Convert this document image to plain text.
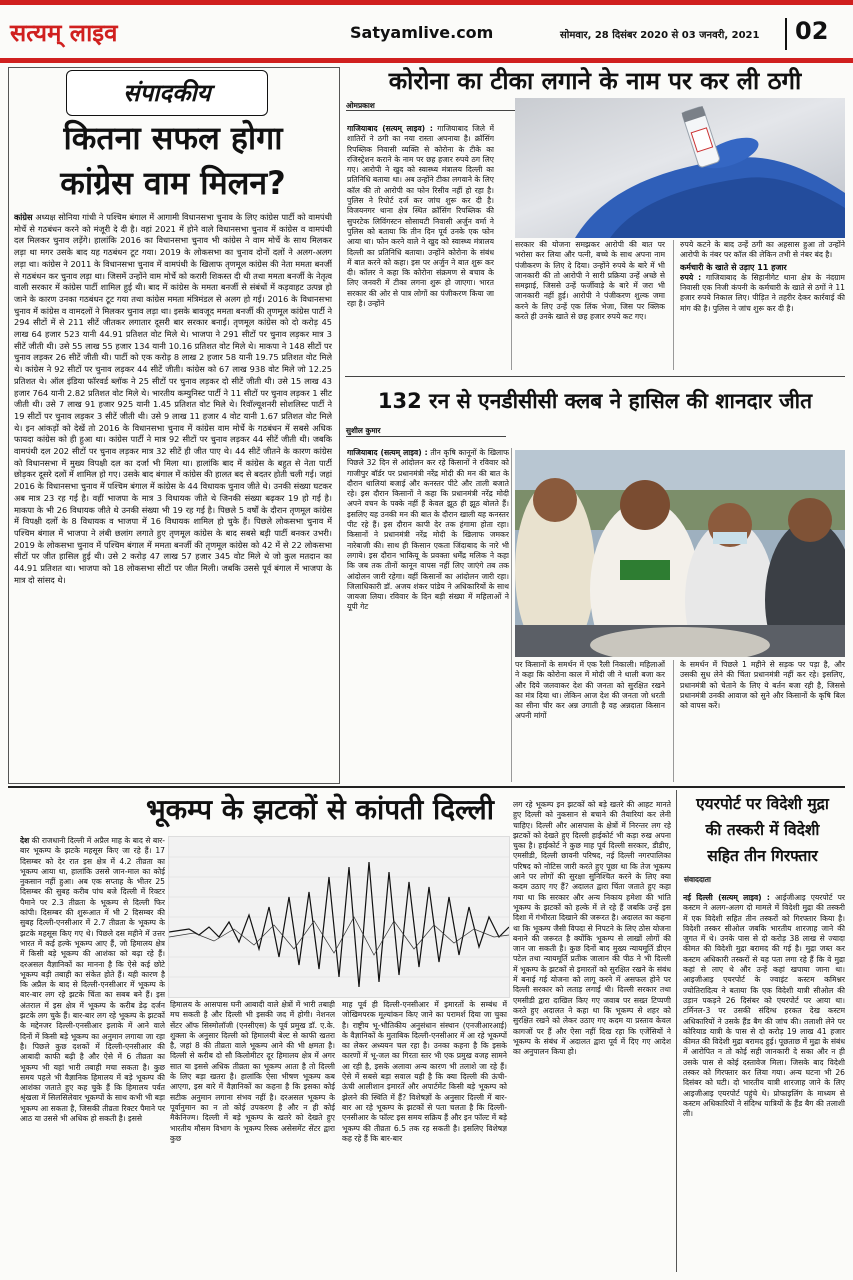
सत्यम् लाइव	Satyamlive.com	सोमवार, 28 दिसंबर 2020 से 03 जनवरी, 2021 02
संपादकीय
कितना सफल होगा
कांग्रेस वाम मिलन?
कांग्रेस अध्यक्ष सोनिया गांधी ने पश्चिम बंगाल में आगामी विधानसभा चुनाव के लिए कांग्रेस पार्टी को वामपंथी मोर्चे से गठबंधन करने को मंजूरी दे दी है। वहां 2021 में होने वाले विधानसभा चुनाव में कांग्रेस व वामपंथी दल मिलकर चुनाव लड़ेंगे। हालांकि 2016 का विधानसभा चुनाव भी कांग्रेस ने वाम मोर्चे के साथ मिलकर लड़ा था मगर उसके बाद यह गठबंधन टूट गया। 2019 के लोकसभा का चुनाव दोनों दलों ने अलग-अलग लड़ा था। कांग्रेस ने 2011 के विधानसभा चुनाव में वामपंथी के खिलाफ तृणमूल कांग्रेस की नेता ममता बनर्जी से गठबंधन कर चुनाव लड़ा था। जिसमें उन्होंने वाम मोर्चे को करारी शिकस्त दी थी तथा ममता बनर्जी के नेतृत्व वाली सरकार में कांग्रेस पार्टी शामिल हुई थी। बाद में कांग्रेस के ममता बनर्जी से संबंधों में कड़वाहट उत्पन्न हो जाने के कारण उनका गठबंधन टूट गया तथा कांग्रेस ममता मंत्रिमंडल से अलग हो गई। 2016 के विधानसभा चुनाव में कांग्रेस व वामदलों ने मिलकर चुनाव लड़ा था। इसके बावजूद ममता बनर्जी की तृणमूल कांग्रेस पार्टी ने 294 सीटों में से 211 सीटें जीतकर लगातार दूसरी बार सरकार बनाई। तृणमूल कांग्रेस को दो करोड़ 45 लाख 64 हजार 523 यानी 44.91 प्रतिशत वोट मिले थे। भाजपा ने 291 सीटों पर चुनाव लड़कर मात्र 3 सीटें जीती थी। उसे 55 लाख 55 हजार 134 यानी 10.16 प्रतिशत वोट मिले थे। माकपा ने 148 सीटों पर चुनाव लड़कर 26 सीटें जीती थी। पार्टी को एक करोड़ 8 लाख 2 हजार 58 यानी 19.75 प्रतिशत वोट मिले थे। कांग्रेस ने 92 सीटों पर चुनाव लड़कर 44 सीटें जीती। कांग्रेस को 67 लाख 938 वोट मिले जो 12.25 प्रतिशत थे। ऑल इंडिया फॉरवर्ड ब्लॉक ने 25 सीटों पर चुनाव लड़कर दो सीटें जीती थी। उसे 15 लाख 43 हजार 764 यानी 2.82 प्रतिशत वोट मिले थे। भारतीय कम्युनिस्ट पार्टी ने 11 सीटों पर चुनाव लड़कर 1 सीट जीती थी। उसे 7 लाख 91 हजार 925 यानी 1.45 प्रतिशत वोट मिले थे। रिवॉल्यूशनरी सोशलिस्ट पार्टी ने 19 सीटों पर चुनाव लड़कर 3 सीटें जीती थी। उसे 9 लाख 11 हजार 4 वोट यानी 1.67 प्रतिशत वोट मिले थे। इन आंकड़ों को देखें तो 2016 के विधानसभा चुनाव में कांग्रेस वाम मोर्चे के गठबंधन में सबसे अधिक फायदा कांग्रेस को ही हुआ था। कांग्रेस पार्टी ने मात्र 92 सीटों पर चुनाव लड़कर 44 सीटें जीती थी। जबकि वामपंथी दल 202 सीटों पर चुनाव लड़कर मात्र 32 सीटें ही जीत पाए थे। 44 सीटें जीतने के कारण कांग्रेस को विधानसभा में मुख्य विपक्षी दल का दर्जा भी मिला था। हालांकि बाद में कांग्रेस के बहुत से नेता पार्टी छोड़कर दूसरे दलों में शामिल हो गए। उसके बाद बंगाल में कांग्रेस की हालत बद से बदतर होती चली गई। जहां 2016 के विधानसभा चुनाव में पश्चिम बंगाल में कांग्रेस के 44 विधायक चुनाव जीते थे। उनकी संख्या घटकर अब मात्र 23 रह गई है। वहीं भाजपा के मात्र 3 विधायक जीते थे जिनकी संख्या बढ़कर 19 हो गई है। माकपा के भी 26 विधायक जीते थे उनकी संख्या भी 19 रह गई है। पिछले 5 वर्षों के दौरान तृणमूल कांग्रेस में विपक्षी दलों के 8 विधायक व भाजपा में 16 विधायक शामिल हो चुके हैं। पिछले लोकसभा चुनाव में पश्चिम बंगाल में भाजपा ने लंबी छलांग लगाते हुए तृणमूल कांग्रेस के बाद सबसे बड़ी पार्टी बनकर उभरी। 2019 के लोकसभा चुनाव में पश्चिम बंगाल में ममता बनर्जी की तृणमूल कांग्रेस को 42 में से 22 लोकसभा सीटों पर जीत हासिल हुई थी। उसे 2 करोड़ 47 लाख 57 हजार 345 वोट मिले थे जो कुल मतदान का 44.91 प्रतिशत था। भाजपा को 18 लोकसभा सीटों पर जीत मिली। जबकि उससे पूर्व बंगाल में भाजपा के मात्र दो सांसद थे।
कोरोना का टीका लगाने के नाम पर कर ली ठगी
ओमप्रकाश
गाजियाबाद (सत्यम् लाइव) : गाजियाबाद जिले में शातिरों ने ठगी का नया रास्ता अपनाया है। क्रॉसिंग रिपब्लिक निवासी व्यक्ति से कोरोना के टीके का रजिस्ट्रेशन कराने के नाम पर छह हजार रुपये ठग लिए गए। आरोपी ने खुद को स्वास्थ्य मंत्रालय दिल्ली का प्रतिनिधि बताया था। अब उन्होंने टीका लगवाने के लिए कॉल की तो आरोपी का फोन रिसीव नहीं हो रहा है। पुलिस ने रिपोर्ट दर्ज कर जांच शुरू कर दी है। विजयनगर थाना क्षेत्र स्थित क्रॉसिंग रिपब्लिक की सुपरटेक लिविंगस्टन सोसायटी निवासी अर्जुन वर्मा ने पुलिस को बताया कि तीन दिन पूर्व उनके एक फोन आया था। फोन करने वाले ने खुद को स्वास्थ्य मंत्रालय दिल्ली का प्रतिनिधि बताया। उन्होंने कोरोना के संबंध में बात करने को कहा। इस पर अर्जुन ने बात शुरू कर दी। कॉलर ने कहा कि कोरोना संक्रमण से बचाव के लिए जनवरी में टीका लगना शुरू हो जाएगा। भारत सरकार की ओर से पात्र लोगों का पंजीकरण किया जा रहा है। उन्होंने
सरकार की योजना समझकर आरोपी की बात पर भरोसा कर लिया और पत्नी, बच्चे के साथ अपना नाम पंजीकरण के लिए दे दिया। उन्होंने रुपये के बारे में भी जानकारी की तो आरोपी ने सारी प्रक्रिया उन्हें अच्छे से समझाई, जिससे उन्हें फर्जीवाड़े के बारे में जरा भी जानकारी नहीं हुई। आरोपी ने पंजीकरण शुल्क जमा करने के लिए उन्हें एक लिंक भेजा, जिस पर क्लिक करते ही उनके खाते से छह हजार रुपये कट गए।
रुपये कटने के बाद उन्हें ठगी का अहसास हुआ तो उन्होंने आरोपी के नंबर पर कॉल की लेकिन तभी से नंबर बंद है।
कर्मचारी के खाते से उड़ाए 11 हजार
रुपये : गाजियाबाद के सिहानीगेट थाना क्षेत्र के नंदग्राम निवासी एक निजी कंपनी के कर्मचारी के खाते से ठगों ने 11 हजार रुपये निकाल लिए। पीड़ित ने तहरीर देकर कार्रवाई की मांग की है। पुलिस ने जांच शुरू कर दी है।
132 रन से एनडीसीसी क्लब ने हासिल की शानदार जीत
सुशील कुमार
गाजियाबाद (सत्यम् लाइव) : तीन कृषि कानूनों के खिलाफ पिछले 32 दिन से आंदोलन कर रहे किसानों ने रविवार को गाजीपुर बॉर्डर पर प्रधानमंत्री नरेंद्र मोदी की मन की बात के दौरान थालियां बजाई और कनस्तर पीटे और ताली बजाते रहे। इस दौरान किसानों ने कहा कि प्रधानमंत्री नरेंद्र मोदी अपने वचन के पक्के नहीं हैं केवल झूठ ही झूठ बोलते हैं। इसलिए यह उनकी मन की बात के दौरान खाली यह कनस्तर पीट रहे हैं। इस दौरान कापी देर तक हंगामा होता रहा। किसानों ने प्रधानमंत्री नरेंद्र मोदी के खिलाफ जमकर नारेबाजी की। साथ ही किसान एकता जिंदाबाद के नारे भी लगाये। इस दौरान भाकियू के प्रवक्ता धर्मेंद्र मलिक ने कहा कि जब तक तीनों कानून वापस नहीं लिए जाएंगे तब तक आंदोलन जारी रहेगा। वहीं किसानों का आंदोलन जारी रहा। जिलाधिकारी डॉ. अजय शंकर पांडेय ने अधिकारियों के साथ जायजा लिया। रविवार के दिन बड़ी संख्या में महिलाओं ने यूपी गेट
पर किसानों के समर्थन में एक रैली निकाली। महिलाओं ने कहा कि कोरोना काल में मोदी जी ने थाली बजा कर और दिये जलवाकर देश की जनता को सुरक्षित रखने का मंत्र दिया था। लेकिन आज देश की जनता जो धरती का सीना चीर कर अन्न उगाती है वह अन्नदाता किसान अपनी मांगों
के समर्थन में पिछले 1 महीने से सड़क पर पड़ा है, और उसकी सुध लेने की चिंता प्रधानमंत्री नहीं कर रहे। इसलिए, प्रधानमंत्री को चेताने के लिए ये बर्तन बजा रही है, जिससे प्रधानमंत्री उनकी आवाज को सुने और किसानों के कृषि बिल को वापस करें।
भूकम्प के झटकों से कांपती दिल्ली
देश की राजधानी दिल्ली में अप्रैल माह के बाद से बार-बार भूकम्प के झटके महसूस किए जा रहे हैं। 17 दिसम्बर को देर रात इस क्षेत्र में 4.2 तीव्रता का भूकम्प आया था, हालांकि उससे जान-माल का कोई नुकसान नहीं हुआ। अब एक सप्ताह के भीतर 25 दिसम्बर की सुबह करीब पांच बजे दिल्ली में रिक्टर पैमाने पर 2.3 तीव्रता के भूकम्प से दिल्ली फिर कांपी। दिसम्बर की शुरूआत में भी 2 दिसम्बर की सुबह दिल्ली-एनसीआर में 2.7 तीव्रता के भूकम्प के झटके महसूस किए गए थे। पिछले दस महीने में उत्तर भारत में कई हल्के भूकम्प आए हैं, जो हिमालय क्षेत्र में किसी बड़े भूकम्प की आशंका को बढ़ा रहे हैं। दरअसल वैज्ञानिकों का मानना है कि ऐसे कई छोटे भूकम्प बड़ी तबाही का संकेत होते हैं। यही कारण है कि अप्रैल के बाद से दिल्ली-एनसीआर में भूकम्प के बार-बार लग रहे झटके चिंता का सबब बने हैं। इस अंतराल में इस क्षेत्र में भूकम्प के करीब डेढ़ दर्जन झटके लग चुके हैं। बार-बार लग रहे भूकम्प के झटकों के मद्देनजर दिल्ली-एनसीआर इलाके में आने वाले दिनों में किसी बड़े भूकम्प का अनुमान लगाया जा रहा है। पिछले कुछ दशकों में दिल्ली-एनसीआर की आबादी काफी बढ़ी है और ऐसे में 6 तीव्रता का भूकम्प भी यहां भारी तबाही मचा सकता है। कुछ समय पहले भी वैज्ञानिक हिमालय में बड़े भूकम्प की आशंका जताते हुए कह चुके हैं कि हिमालय पर्वत श्रृंखला में सिलसिलेवार भूकम्पों के साथ कभी भी बड़ा भूकम्प आ सकता है, जिसकी तीव्रता रिक्टर पैमाने पर आठ या उससे भी अधिक हो सकती है। इससे
हिमालय के आसपास घनी आबादी वाले क्षेत्रों में भारी तबाही मच सकती है और दिल्ली भी इसकी जद में होगी। नेशनल सेंटर ऑफ सिस्मोलॉजी (एनसीएस) के पूर्व प्रमुख डॉ. ए.के. शुक्ला के अनुसार दिल्ली को हिमालयी बेल्ट से काफी खतरा है, जहां 8 की तीव्रता वाले भूकम्प आने की भी क्षमता है। दिल्ली से करीब दो सौ किलोमीटर दूर हिमालय क्षेत्र में अगर सात या इससे अधिक तीव्रता का भूकम्प आता है तो दिल्ली के लिए बड़ा खतरा है। हालांकि ऐसा भीषण भूकम्प कब आएगा, इस बारे में वैज्ञानिकों का कहना है कि इसका कोई सटीक अनुमान लगाना संभव नहीं है। दरअसल भूकम्प के पूर्वानुमान का न तो कोई उपकरण है और न ही कोई मैकेनिज्म। दिल्ली में बड़े भूकम्प के खतरे को देखते हुए भारतीय मौसम विभाग के भूकम्प रिस्क असेसमेंट सेंटर द्वारा कुछ
माह पूर्व ही दिल्ली-एनसीआर में इमारतों के सम्बंध में जोखिमपरक मूल्यांकन किए जाने का परामर्श दिया जा चुका है। राष्ट्रीय भू-भौतिकीय अनुसंधान संस्थान (एनजीआरआई) के वैज्ञानिकों के मुताबिक दिल्ली-एनसीआर में आ रहे भूकम्पों का लेकर अध्ययन चल रहा है। उनका कहना है कि इसके कारणों में भू-जल का गिरता स्तर भी एक प्रमुख वजह सामने आ रही है, इसके अलावा अन्य कारण भी तलाशे जा रहे हैं। ऐसे में सबसे बड़ा सवाल यही है कि क्या दिल्ली की ऊंची-ऊंची आलीशान इमारतें और अपार्टमेंट किसी बड़े भूकम्प को झेलने की स्थिति में हैं? विशेषज्ञों के अनुसार दिल्ली में बार-बार आ रहे भूकम्प के झटकों से पता चलता है कि दिल्ली-एनसीआर के फॉल्ट इस समय सक्रिय हैं और इन फॉल्ट में बड़े भूकम्प की तीव्रता 6.5 तक रह सकती है। इसलिए विशेषज्ञ कह रहे हैं कि बार-बार
लग रहे भूकम्प इन झटकों को बड़े खतरे की आहट मानते हुए दिल्ली को नुकसान से बचाने की तैयारियां कर लेनी चाहिए। दिल्ली और आसपास के क्षेत्रों में निरन्तर लग रहे झटकों को देखते हुए दिल्ली हाईकोर्ट भी कड़ा रुख अपना चुका है। हाईकोर्ट ने कुछ माह पूर्व दिल्ली सरकार, डीडीए, एमसीडी, दिल्ली छावनी परिषद, नई दिल्ली नगरपालिका परिषद को नोटिस जारी करते हुए पूछा था कि तेज भूकम्प आने पर लोगों की सुरक्षा सुनिश्चित करने के लिए क्या कदम उठाए गए हैं? अदालत द्वारा चिंता जताते हुए कहा गया था कि सरकार और अन्य निकाय हमेशा की भांति भूकम्प के झटकों को हल्के में ले रहे हैं जबकि उन्हें इस दिशा में गंभीरता दिखाने की जरूरत है। अदालत का कहना था कि भूकम्प जैसी विपदा से निपटने के लिए ठोस योजना बनाने की जरूरत है क्योंकि भूकम्प से लाखों लोगों की जान जा सकती है। कुछ दिनों बाद मुख्य न्यायमूर्ति डीएन पटेल तथा न्यायमूर्ति प्रतीक जालान की पीठ ने भी दिल्ली में भूकम्प के झटकों से इमारतों को सुरक्षित रखने के संबंध में बनाई गई योजना को लागू करने में असफल होने पर दिल्ली सरकार को लताड़ लगाई थी। दिल्ली सरकार तथा एमसीडी द्वारा दाखिल किए गए जवाब पर सख्त टिप्पणी करते हुए अदालत ने कहा था कि भूकम्प से शहर को सुरक्षित रखने को लेकर उठाए गए कदम या प्रस्ताव केवल कागजों पर हैं और ऐसा नहीं दिख रहा कि एजेंसियों ने भूकम्प के संबंध में अदालत द्वारा पूर्व में दिए गए आदेश का अनुपालन किया हो।
एयरपोर्ट पर विदेशी मुद्रा
की तस्करी में विदेशी
सहित तीन गिरफ्तार
संवाददाता
नई दिल्ली (सत्यम् लाइव) : आईजीआइ एयरपोर्ट पर कस्टम ने अलग-अलग दो मामले में विदेशी मुद्रा की तस्करी में एक विदेशी सहित तीन तस्करों को गिरफ्तार किया है। विदेशी तस्कर सीओल जबकि भारतीय शारजाह जाने की जुगत में थे। उनके पास से दो करोड़ 38 लाख से ज्यादा कीमत की विदेशी मुद्रा बरामद की गई है। मुद्रा जब्त कर कस्टम अधिकारी तस्करों से यह पता लगा रहे हैं कि वे मुद्रा कहां से लाए थे और उन्हें कहां खपाया जाना था। आइजीआइ एयरपोर्ट के ज्वाइंट कस्टम कमिश्नर ज्योतिरादित्य ने बताया कि एक विदेशी यात्री सीओल की उड़ान पकड़ने 26 दिसंबर को एयरपोर्ट पर आया था। टर्मिनल-3 पर उसकी संदिग्ध हरकत देख कस्टम अधिकारियों ने उसके हैंड बैग की जांच की। तलाशी लेने पर कोरियाड यात्री के पास से दो करोड़ 19 लाख 41 हजार कीमत की विदेशी मुद्रा बरामद हुई। पूछताछ में मुद्रा के संबंध में आरोपित न तो कोई सही जानकारी दे सका और न ही उसके पास से कोई दस्तावेज मिला। जिसके बाद विदेशी तस्कर को गिरफ्तार कर लिया गया। अन्य घटना भी 26 दिसंबर को घटी। दो भारतीय यात्री शारजाह जाने के लिए आइजीआइ एयरपोर्ट पहुंचे थे। प्रोफाइलिंग के माध्यम से कस्टम अधिकारियों ने संदिग्ध यात्रियों के हैंड बैग की तलाशी ली।
